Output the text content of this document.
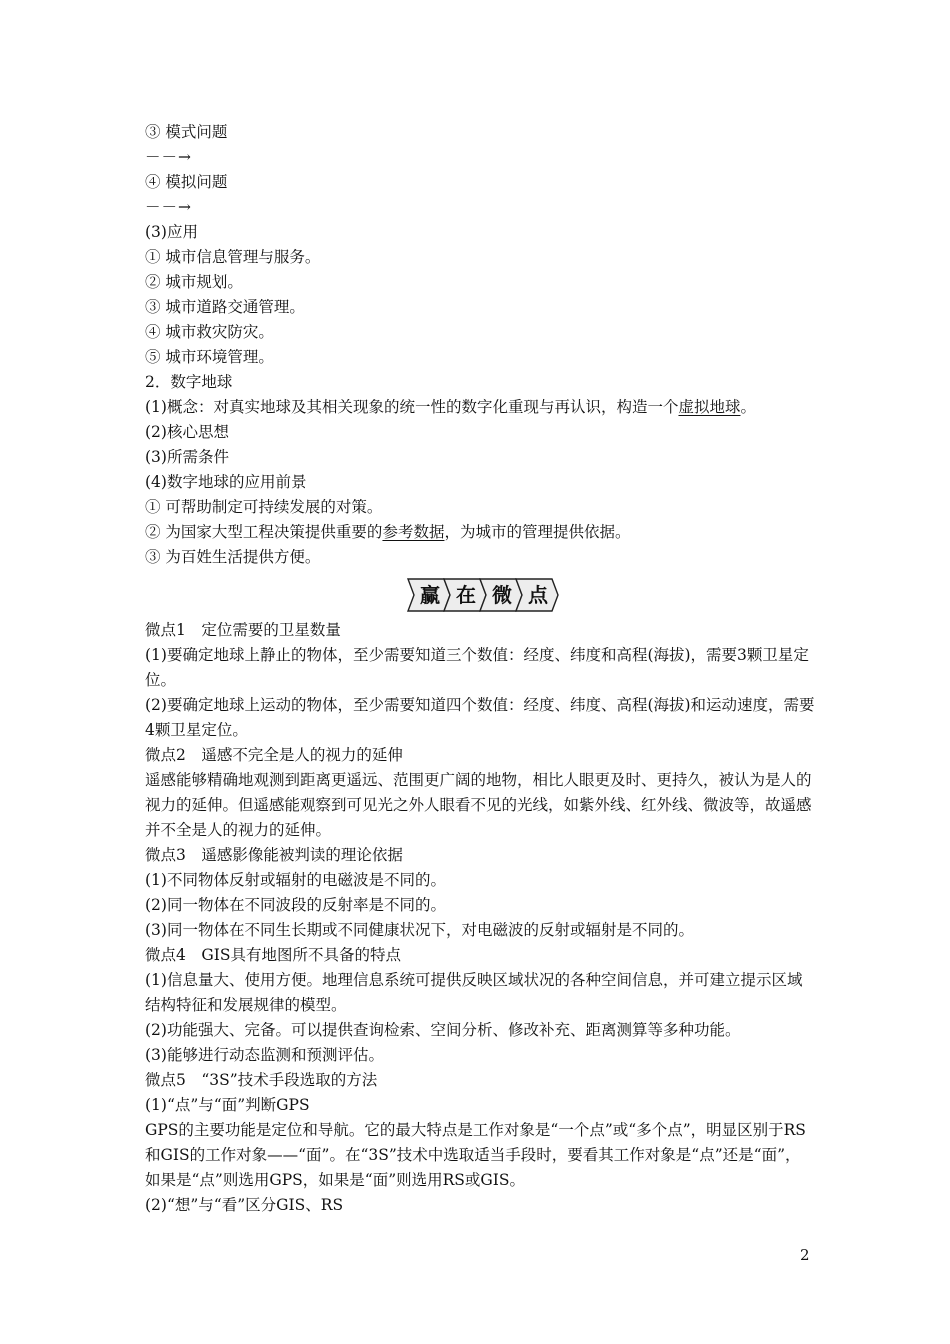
③ 模式问题
－－→
④ 模拟问题
－－→
(3)应用
① 城市信息管理与服务。
② 城市规划。
③ 城市道路交通管理。
④ 城市救灾防灾。
⑤ 城市环境管理。
2．数字地球
(1)概念：对真实地球及其相关现象的统一性的数字化重现与再认识，构造一个虚拟地球。
(2)核心思想
(3)所需条件
(4)数字地球的应用前景
① 可帮助制定可持续发展的对策。
② 为国家大型工程决策提供重要的参考数据，为城市的管理提供依据。
③ 为百姓生活提供方便。
赢 在 微 点
微点1　定位需要的卫星数量
(1)要确定地球上静止的物体，至少需要知道三个数值：经度、纬度和高程(海拔)，需要3颗卫星定位。
(2)要确定地球上运动的物体，至少需要知道四个数值：经度、纬度、高程(海拔)和运动速度，需要4颗卫星定位。
微点2　遥感不完全是人的视力的延伸
遥感能够精确地观测到距离更遥远、范围更广阔的地物，相比人眼更及时、更持久，被认为是人的视力的延伸。但遥感能观察到可见光之外人眼看不见的光线，如紫外线、红外线、微波等，故遥感并不全是人的视力的延伸。
微点3　遥感影像能被判读的理论依据
(1)不同物体反射或辐射的电磁波是不同的。
(2)同一物体在不同波段的反射率是不同的。
(3)同一物体在不同生长期或不同健康状况下，对电磁波的反射或辐射是不同的。
微点4　GIS具有地图所不具备的特点
(1)信息量大、使用方便。地理信息系统可提供反映区域状况的各种空间信息，并可建立提示区域结构特征和发展规律的模型。
(2)功能强大、完备。可以提供查询检索、空间分析、修改补充、距离测算等多种功能。
(3)能够进行动态监测和预测评估。
微点5　“3S”技术手段选取的方法
(1)“点”与“面”判断GPS
GPS的主要功能是定位和导航。它的最大特点是工作对象是“一个点”或“多个点”，明显区别于RS和GIS的工作对象——“面”。在“3S”技术中选取适当手段时，要看其工作对象是“点”还是“面”，如果是“点”则选用GPS，如果是“面”则选用RS或GIS。
(2)“想”与“看”区分GIS、RS
2
